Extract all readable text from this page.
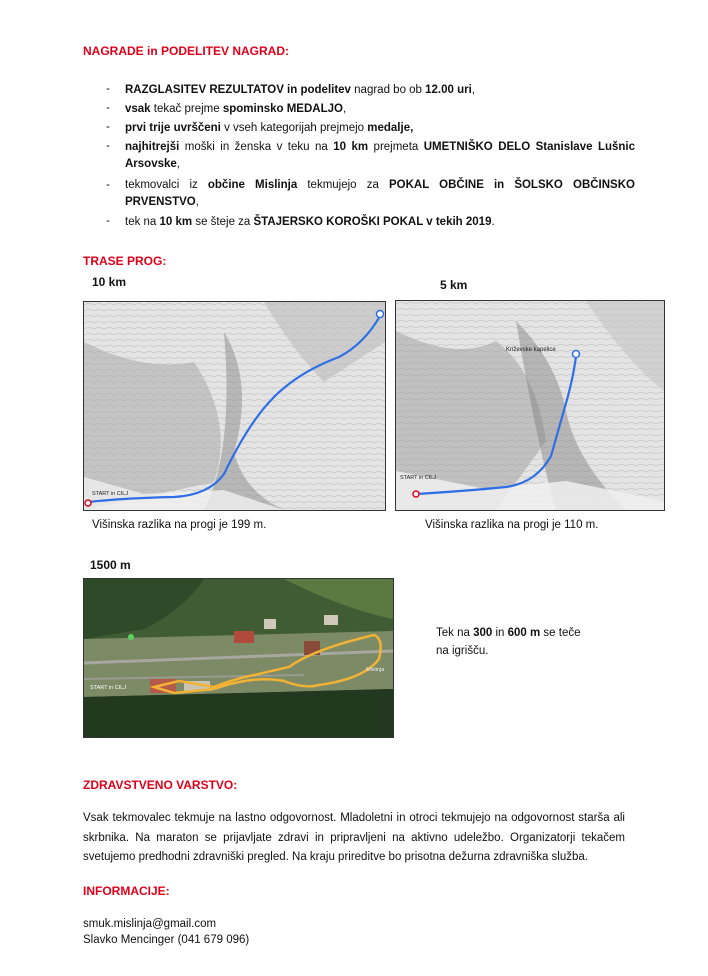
NAGRADE in PODELITEV NAGRAD:
-	RAZGLASITEV REZULTATOV in podelitev nagrad bo ob 12.00 uri,
-	vsak tekač prejme spominsko MEDALJO,
-	prvi trije uvrščeni v vseh kategorijah prejmejo medalje,
-	najhitrejši moški in ženska v teku na 10 km prejmeta UMETNIŠKO DELO Stanislave Lušnic Arsovske,
-	tekmovalci iz občine Mislinja tekmujejo za POKAL OBČINE in ŠOLSKO OBČINSKO PRVENSTVO,
-	tek na 10 km se šteje za ŠTAJERSKO KOROŠKI POKAL v tekih 2019.
TRASE PROG:
10 km	5 km
START in CILJ
Križevske kapelice
START in CILJ
Višinska razlika na progi je 199 m.	Višinska razlika na progi je 110 m.
1500 m
START in CILJ
Mislinja
Tek na 300 in 600 m se teče
na igrišču.
ZDRAVSTVENO VARSTVO:
Vsak tekmovalec tekmuje na lastno odgovornost. Mladoletni in otroci tekmujejo na odgovornost staršа ali skrbnika. Na maraton se prijavljate zdravi in pripravljeni na aktivno udeležbo. Organizatorji tekačem svetujemo predhodni zdravniški pregled. Na kraju prireditve bo prisotna dežurna zdravniška služba.
INFORMACIJE:
smuk.mislinja@gmail.com
Slavko Mencinger (041 679 096)
